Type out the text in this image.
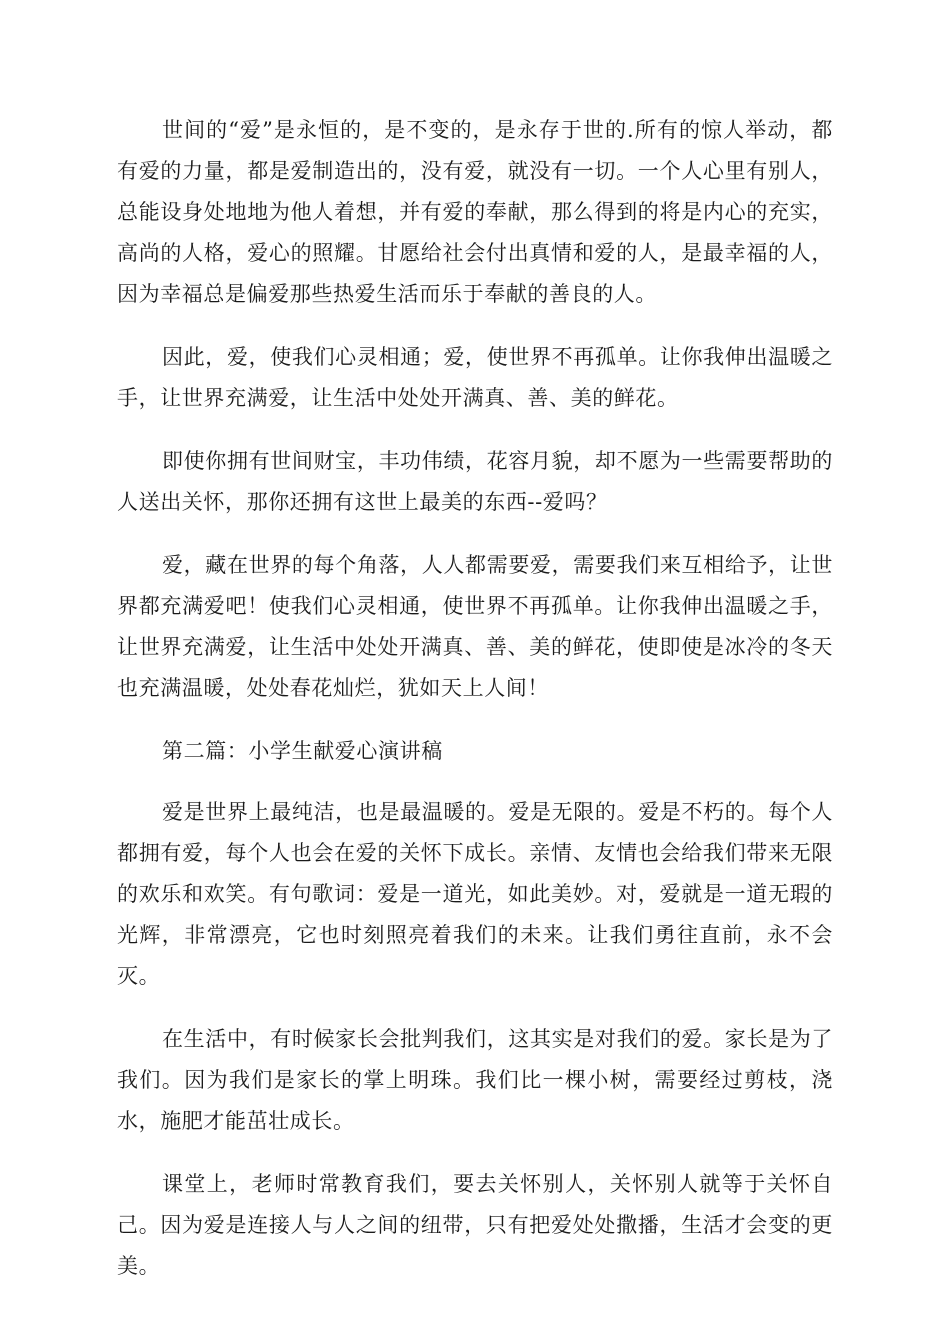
世间的“爱”是永恒的，是不变的，是永存于世的.所有的惊人举动，都有爱的力量，都是爱制造出的，没有爱，就没有一切。一个人心里有别人，总能设身处地地为他人着想，并有爱的奉献，那么得到的将是内心的充实，高尚的人格，爱心的照耀。甘愿给社会付出真情和爱的人，是最幸福的人，因为幸福总是偏爱那些热爱生活而乐于奉献的善良的人。

因此，爱，使我们心灵相通；爱，使世界不再孤单。让你我伸出温暖之手，让世界充满爱，让生活中处处开满真、善、美的鲜花。

即使你拥有世间财宝，丰功伟绩，花容月貌，却不愿为一些需要帮助的人送出关怀，那你还拥有这世上最美的东西--爱吗？

爱，藏在世界的每个角落，人人都需要爱，需要我们来互相给予，让世界都充满爱吧！使我们心灵相通，使世界不再孤单。让你我伸出温暖之手，让世界充满爱，让生活中处处开满真、善、美的鲜花，使即使是冰冷的冬天也充满温暖，处处春花灿烂，犹如天上人间！

第二篇：小学生献爱心演讲稿

爱是世界上最纯洁，也是最温暖的。爱是无限的。爱是不朽的。每个人都拥有爱，每个人也会在爱的关怀下成长。亲情、友情也会给我们带来无限的欢乐和欢笑。有句歌词：爱是一道光，如此美妙。对，爱就是一道无瑕的光辉，非常漂亮，它也时刻照亮着我们的未来。让我们勇往直前，永不会灭。

在生活中，有时候家长会批判我们，这其实是对我们的爱。家长是为了我们。因为我们是家长的掌上明珠。我们比一棵小树，需要经过剪枝，浇水，施肥才能茁壮成长。

课堂上，老师时常教育我们，要去关怀别人，关怀别人就等于关怀自己。因为爱是连接人与人之间的纽带，只有把爱处处撒播，生活才会变的更美。
